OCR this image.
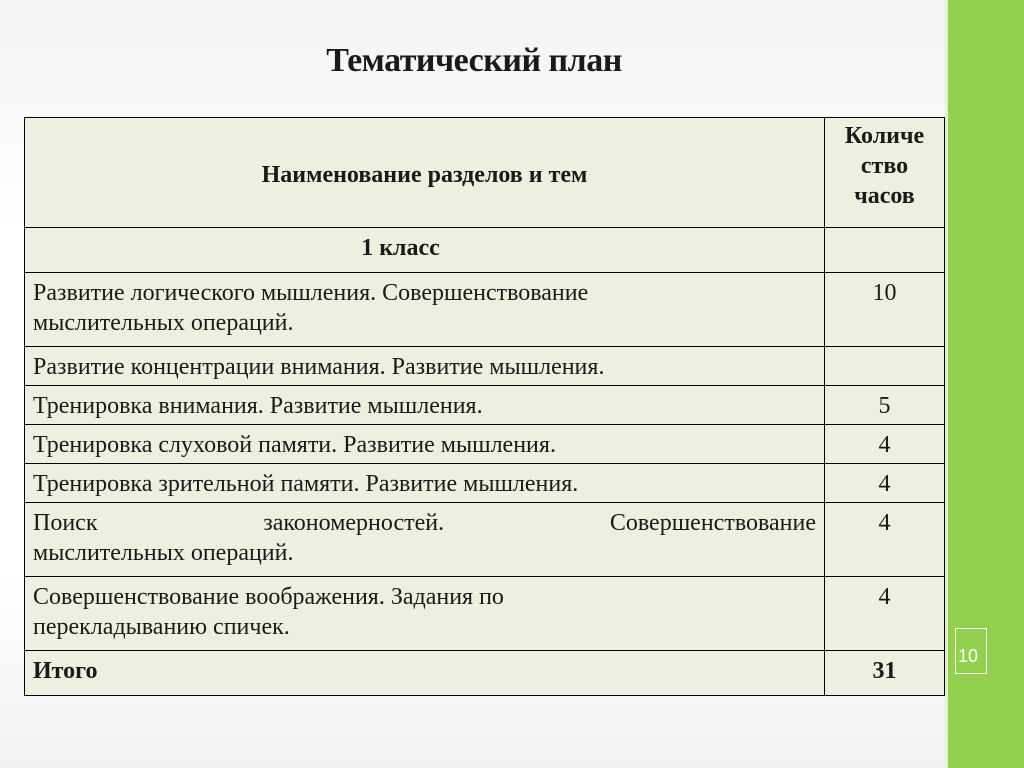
10
Тематический план
Наименование разделов и тем	Количе
ство
часов
1 класс	
Развитие логического мышления. Совершенствование
мыслительных операций.	10
Развитие концентрации внимания. Развитие мышления.	
Тренировка внимания. Развитие мышления.	5
Тренировка слуховой памяти. Развитие мышления.	4
Тренировка зрительной памяти. Развитие мышления.	4

Поиск закономерностей. Совершенствование
мыслительных операций.	4
Совершенствование воображения. Задания по
перекладыванию спичек.	4
Итого	31
